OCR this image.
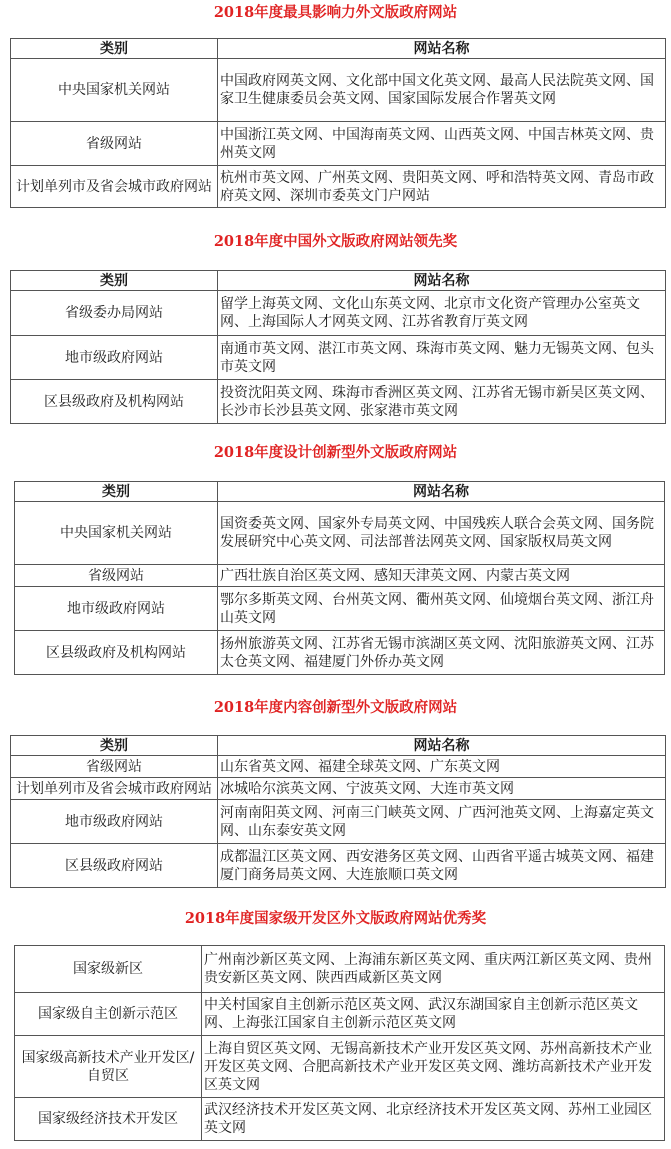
2018年度最具影响力外文版政府网站
类别	网站名称
中央国家机关网站	中国政府网英文网、文化部中国文化英文网、最高人民法院英文网、国家卫生健康委员会英文网、国家国际发展合作署英文网
省级网站	中国浙江英文网、中国海南英文网、山西英文网、中国吉林英文网、贵州英文网
计划单列市及省会城市政府网站	杭州市英文网、广州英文网、贵阳英文网、呼和浩特英文网、青岛市政府英文网、深圳市委英文门户网站
2018年度中国外文版政府网站领先奖
类别	网站名称
省级委办局网站	留学上海英文网、文化山东英文网、北京市文化资产管理办公室英文网、上海国际人才网英文网、江苏省教育厅英文网
地市级政府网站	南通市英文网、湛江市英文网、珠海市英文网、魅力无锡英文网、包头市英文网
区县级政府及机构网站	投资沈阳英文网、珠海市香洲区英文网、江苏省无锡市新吴区英文网、长沙市长沙县英文网、张家港市英文网
2018年度设计创新型外文版政府网站
类别	网站名称
中央国家机关网站	国资委英文网、国家外专局英文网、中国残疾人联合会英文网、国务院发展研究中心英文网、司法部普法网英文网、国家版权局英文网
省级网站	广西壮族自治区英文网、感知天津英文网、内蒙古英文网
地市级政府网站	鄂尔多斯英文网、台州英文网、衢州英文网、仙境烟台英文网、浙江舟山英文网
区县级政府及机构网站	扬州旅游英文网、江苏省无锡市滨湖区英文网、沈阳旅游英文网、江苏太仓英文网、福建厦门外侨办英文网
2018年度内容创新型外文版政府网站
类别	网站名称
省级网站	山东省英文网、福建全球英文网、广东英文网
计划单列市及省会城市政府网站	冰城哈尔滨英文网、宁波英文网、大连市英文网
地市级政府网站	河南南阳英文网、河南三门峡英文网、广西河池英文网、上海嘉定英文网、山东泰安英文网
区县级政府网站	成都温江区英文网、西安港务区英文网、山西省平遥古城英文网、福建厦门商务局英文网、大连旅顺口英文网
2018年度国家级开发区外文版政府网站优秀奖
国家级新区	广州南沙新区英文网、上海浦东新区英文网、重庆两江新区英文网、贵州贵安新区英文网、陕西西咸新区英文网
国家级自主创新示范区	中关村国家自主创新示范区英文网、武汉东湖国家自主创新示范区英文网、上海张江国家自主创新示范区英文网
国家级高新技术产业开发区/自贸区	上海自贸区英文网、无锡高新技术产业开发区英文网、苏州高新技术产业开发区英文网、合肥高新技术产业开发区英文网、潍坊高新技术产业开发区英文网
国家级经济技术开发区	武汉经济技术开发区英文网、北京经济技术开发区英文网、苏州工业园区英文网
